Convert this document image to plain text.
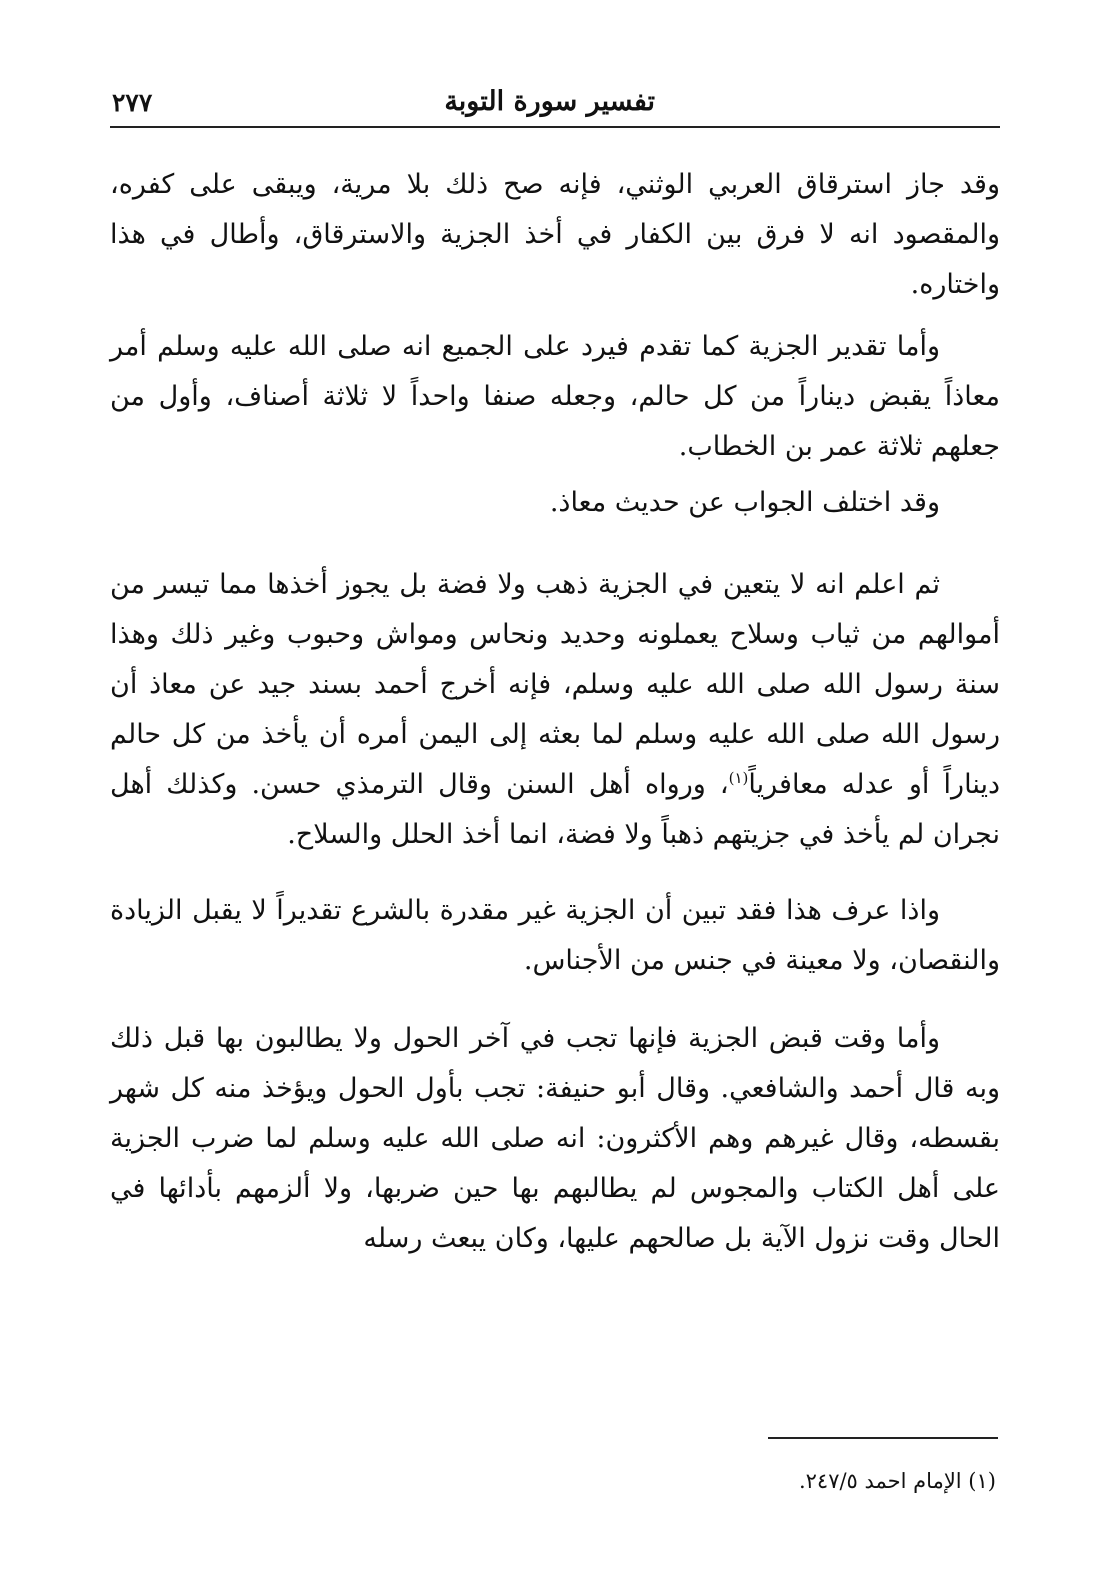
تفسير سورة التوبة
٢٧٧

وقد جاز استرقاق العربي الوثني، فإنه صح ذلك بلا مرية، ويبقى على كفره، والمقصود انه لا فرق بين الكفار في أخذ الجزية والاسترقاق، وأطال في هذا واختاره.

وأما تقدير الجزية كما تقدم فيرد على الجميع انه صلى الله عليه وسلم أمر معاذاً يقبض ديناراً من كل حالم، وجعله صنفا واحداً لا ثلاثة أصناف، وأول من جعلهم ثلاثة عمر بن الخطاب.

وقد اختلف الجواب عن حديث معاذ.

ثم اعلم انه لا يتعين في الجزية ذهب ولا فضة بل يجوز أخذها مما تيسر من أموالهم من ثياب وسلاح يعملونه وحديد ونحاس ومواش وحبوب وغير ذلك وهذا سنة رسول الله صلى الله عليه وسلم، فإنه أخرج أحمد بسند جيد عن معاذ أن رسول الله صلى الله عليه وسلم لما بعثه إلى اليمن أمره أن يأخذ من كل حالم ديناراً أو عدله معافرياً$^{(١)}$، ورواه أهل السنن وقال الترمذي حسن. وكذلك أهل نجران لم يأخذ في جزيتهم ذهباً ولا فضة، انما أخذ الحلل والسلاح.

واذا عرف هذا فقد تبين أن الجزية غير مقدرة بالشرع تقديراً لا يقبل الزيادة والنقصان، ولا معينة في جنس من الأجناس.

وأما وقت قبض الجزية فإنها تجب في آخر الحول ولا يطالبون بها قبل ذلك وبه قال أحمد والشافعي. وقال أبو حنيفة: تجب بأول الحول ويؤخذ منه كل شهر بقسطه، وقال غيرهم وهم الأكثرون: انه صلى الله عليه وسلم لما ضرب الجزية على أهل الكتاب والمجوس لم يطالبهم بها حين ضربها، ولا ألزمهم بأدائها في الحال وقت نزول الآية بل صالحهم عليها، وكان يبعث رسله

(١) الإمام احمد ٢٤٧/٥.
